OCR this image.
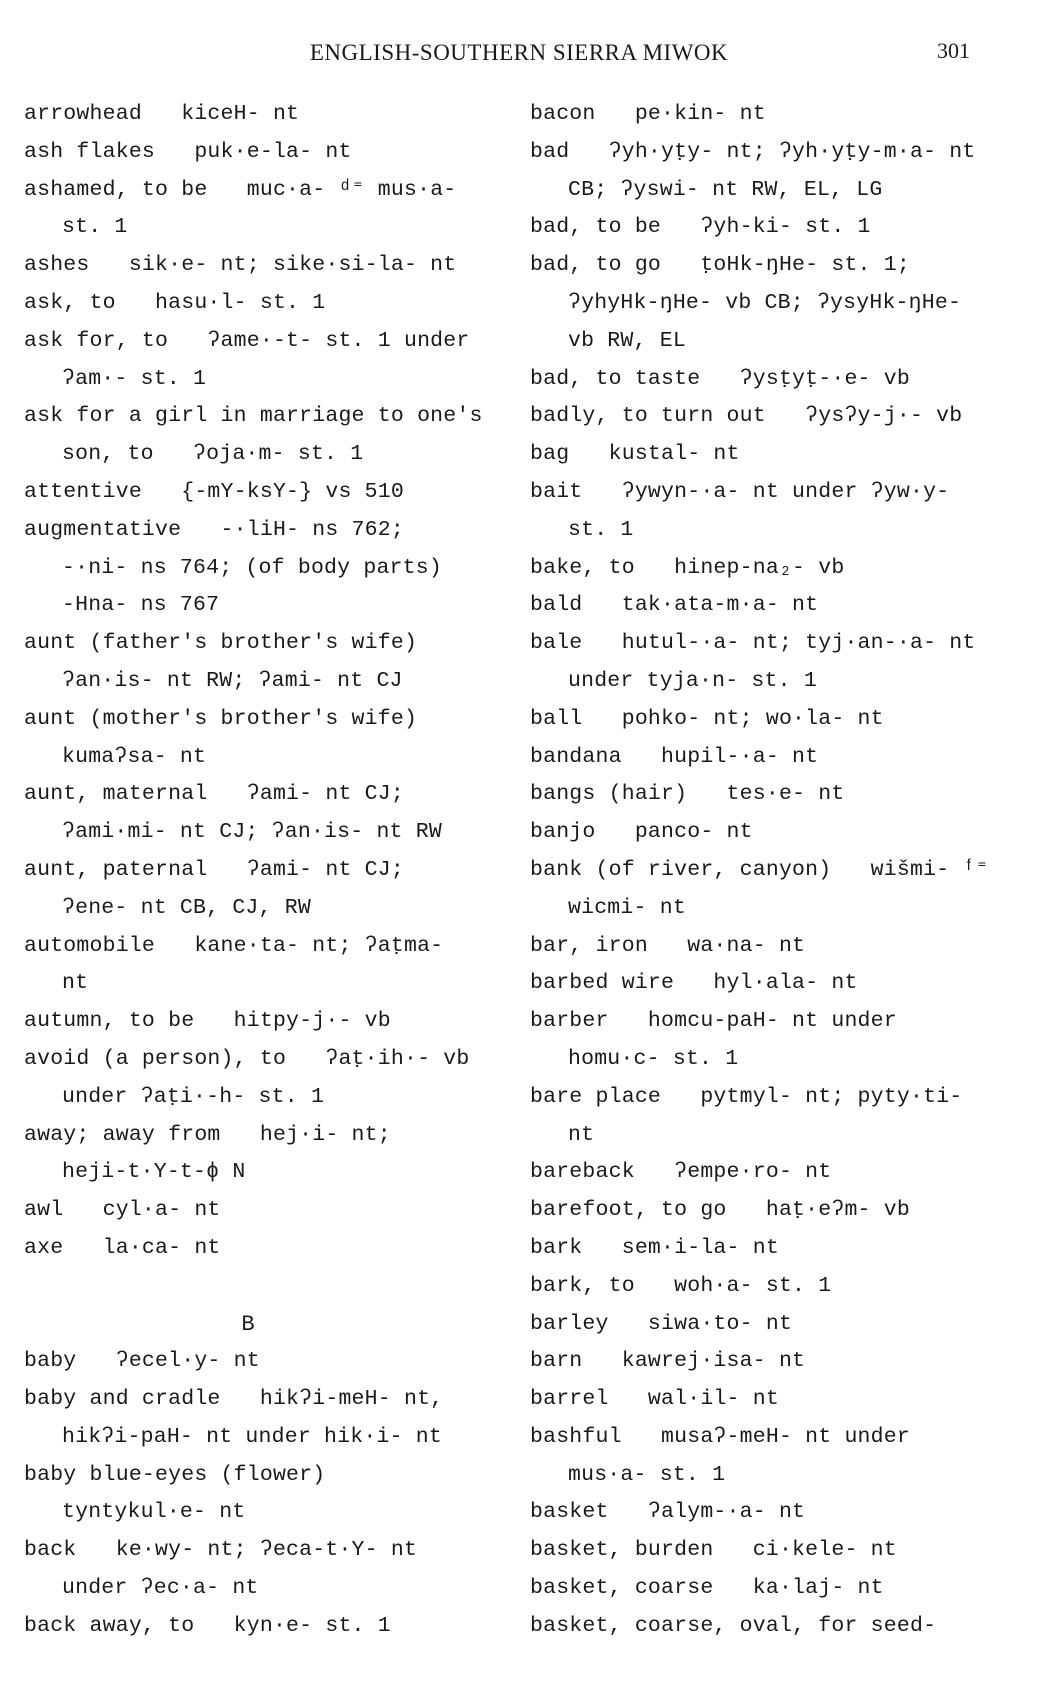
ENGLISH-SOUTHERN SIERRA MIWOK	301
arrowhead   kiceH- nt
ash flakes   puk·e-la- nt
ashamed, to be   muc·a- ᵈ⁼ mus·a-
st. 1
ashes   sik·e- nt; sike·si-la- nt
ask, to   hasu·l- st. 1
ask for, to   ʔame·-t- st. 1 under
ʔam·- st. 1
ask for a girl in marriage to one's
son, to   ʔoja·m- st. 1
attentive   {-mY-ksY-} vs 510
augmentative   -·liH- ns 762;
-·ni- ns 764; (of body parts)
-Hna- ns 767
aunt (father's brother's wife)
ʔan·is- nt RW; ʔami- nt CJ
aunt (mother's brother's wife)
kumaʔsa- nt
aunt, maternal   ʔami- nt CJ;
ʔami·mi- nt CJ; ʔan·is- nt RW
aunt, paternal   ʔami- nt CJ;
ʔene- nt CB, CJ, RW
automobile   kane·ta- nt; ʔaṭma-
nt
autumn, to be   hitpy-j·- vb
avoid (a person), to   ʔaṭ·ih·- vb
under ʔaṭi·-h- st. 1
away; away from   hej·i- nt;
heji-t·Y-t-ϕ N
awl   cyl·a- nt
axe   la·ca- nt
B
baby   ʔecel·y- nt
baby and cradle   hikʔi-meH- nt,
hikʔi-paH- nt under hik·i- nt
baby blue-eyes (flower)
tyntykul·e- nt
back   ke·wy- nt; ʔeca-t·Y- nt
under ʔec·a- nt
back away, to   kyn·e- st. 1
bacon   pe·kin- nt
bad   ʔyh·yṭy- nt; ʔyh·yṭy-m·a- nt
CB; ʔyswi- nt RW, EL, LG
bad, to be   ʔyh-ki- st. 1
bad, to go   ṭoHk-ŋHe- st. 1;
ʔyhyHk-ŋHe- vb CB; ʔysyHk-ŋHe-
vb RW, EL
bad, to taste   ʔysṭyṭ-·e- vb
badly, to turn out   ʔysʔy-j·- vb
bag   kustal- nt
bait   ʔywyn-·a- nt under ʔyw·y-
st. 1
bake, to   hinep-na₂- vb
bald   tak·ata-m·a- nt
bale   hutul-·a- nt; tyj·an-·a- nt
under tyja·n- st. 1
ball   pohko- nt; wo·la- nt
bandana   hupil-·a- nt
bangs (hair)   tes·e- nt
banjo   panco- nt
bank (of river, canyon)   wišmi- ᶠ⁼
wicmi- nt
bar, iron   wa·na- nt
barbed wire   hyl·ala- nt
barber   homcu-paH- nt under
homu·c- st. 1
bare place   pytmyl- nt; pyty·ti-
nt
bareback   ʔempe·ro- nt
barefoot, to go   haṭ·eʔm- vb
bark   sem·i-la- nt
bark, to   woh·a- st. 1
barley   siwa·to- nt
barn   kawrej·isa- nt
barrel   wal·il- nt
bashful   musaʔ-meH- nt under
mus·a- st. 1
basket   ʔalym-·a- nt
basket, burden   ci·kele- nt
basket, coarse   ka·laj- nt
basket, coarse, oval, for seed-
